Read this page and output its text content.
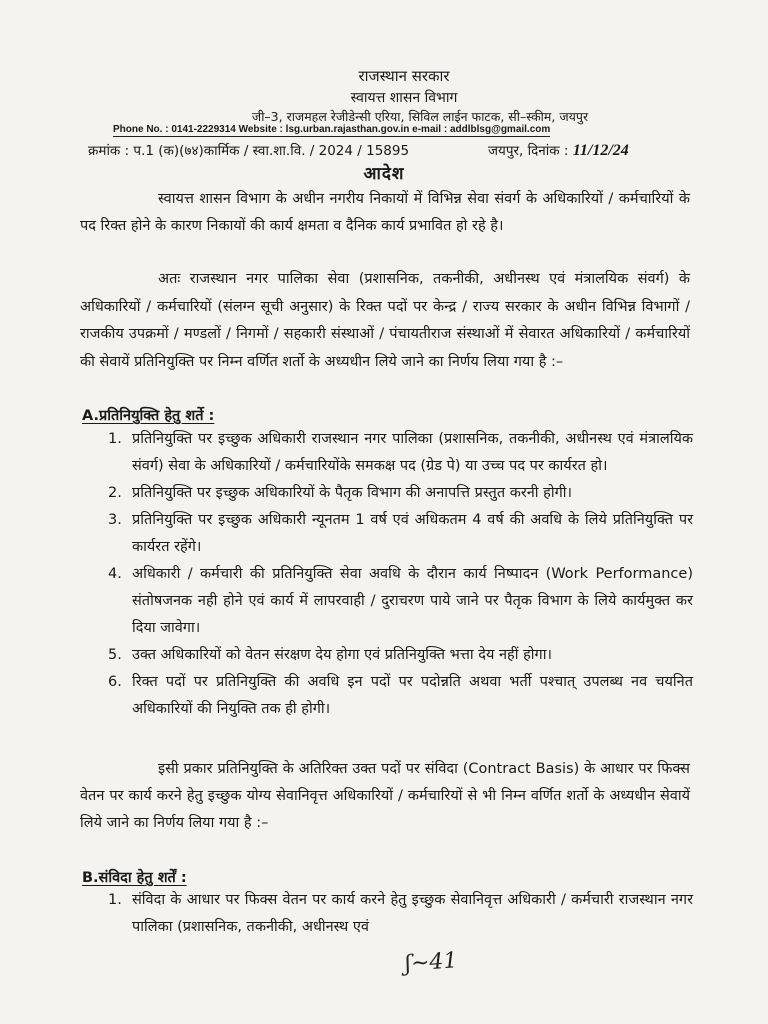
राजस्थान सरकार
स्वायत्त शासन विभाग
जी–3, राजमहल रेजीडेन्सी एरिया, सिविल लाईन फाटक, सी–स्कीम, जयपुर
Phone No. : 0141-2229314 Website : lsg.urban.rajasthan.gov.in e-mail : addlblsg@gmail.com
क्रमांक : प.1 (क)(७४)कार्मिक / स्वा.शा.वि. / 2024 / 15895	जयपुर, दिनांक : 11/12/24
आदेश

स्वायत्त शासन विभाग के अधीन नगरीय निकायों में विभिन्न सेवा संवर्ग के अधिकारियों / कर्मचारियों के पद रिक्त होने के कारण निकायों की कार्य क्षमता व दैनिक कार्य प्रभावित हो रहे है।

अतः राजस्थान नगर पालिका सेवा (प्रशासनिक, तकनीकी, अधीनस्थ एवं मंत्रालयिक संवर्ग) के अधिकारियों / कर्मचारियों (संलग्न सूची अनुसार) के रिक्त पदों पर केन्द्र / राज्य सरकार के अधीन विभिन्न विभागों / राजकीय उपक्रमों / मण्डलों / निगमों / सहकारी संस्थाओं / पंचायतीराज संस्थाओं में सेवारत अधिकारियों / कर्मचारियों की सेवायें प्रतिनियुक्ति पर निम्न वर्णित शर्तो के अध्यधीन लिये जाने का निर्णय लिया गया है :–

A.प्रतिनियुक्ति हेतु शर्ते :
1. प्रतिनियुक्ति पर इच्छुक अधिकारी राजस्थान नगर पालिका (प्रशासनिक, तकनीकी, अधीनस्थ एवं मंत्रालयिक संवर्ग) सेवा के अधिकारियों / कर्मचारियोंके समकक्ष पद (ग्रेड पे) या उच्च पद पर कार्यरत हो।
2. प्रतिनियुक्ति पर इच्छुक अधिकारियों के पैतृक विभाग की अनापत्ति प्रस्तुत करनी होगी।
3. प्रतिनियुक्ति पर इच्छुक अधिकारी न्यूनतम 1 वर्ष एवं अधिकतम 4 वर्ष की अवधि के लिये प्रतिनियुक्ति पर कार्यरत रहेंगे।
4. अधिकारी / कर्मचारी की प्रतिनियुक्ति सेवा अवधि के दौरान कार्य निष्पादन (Work Performance) संतोषजनक नही होने एवं कार्य में लापरवाही / दुराचरण पाये जाने पर पैतृक विभाग के लिये कार्यमुक्त कर दिया जावेगा।
5. उक्त अधिकारियों को वेतन संरक्षण देय होगा एवं प्रतिनियुक्ति भत्ता देय नहीं होगा।
6. रिक्त पदों पर प्रतिनियुक्ति की अवधि इन पदों पर पदोन्नति अथवा भर्ती पश्चात् उपलब्ध नव चयनित अधिकारियों की नियुक्ति तक ही होगी।

इसी प्रकार प्रतिनियुक्ति के अतिरिक्त उक्त पदों पर संविदा (Contract Basis) के आधार पर फिक्स वेतन पर कार्य करने हेतु इच्छुक योग्य सेवानिवृत्त अधिकारियों / कर्मचारियों से भी निम्न वर्णित शर्तो के अध्यधीन सेवायें लिये जाने का निर्णय लिया गया है :–

B.संविदा हेतु शर्तें :
1. संविदा के आधार पर फिक्स वेतन पर कार्य करने हेतु इच्छुक सेवानिवृत्त अधिकारी / कर्मचारी राजस्थान नगर पालिका (प्रशासनिक, तकनीकी, अधीनस्थ एवं
ʃ~41
